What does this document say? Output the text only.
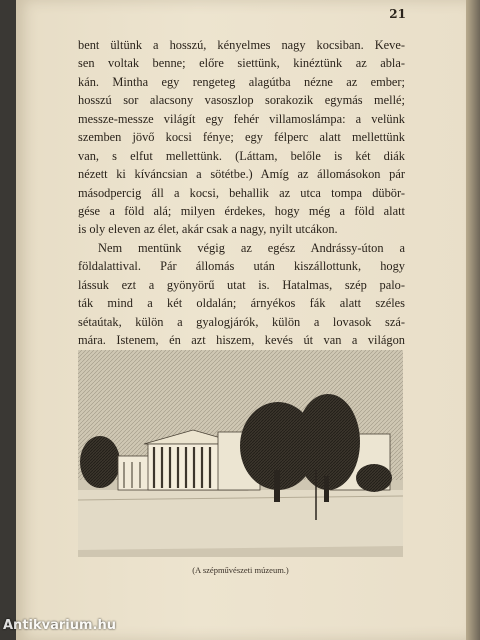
21
bent ültünk a hosszú, kényelmes nagy kocsiban. Keve-
sen voltak benne; előre siettünk, kinéztünk az abla-
kán. Mintha egy rengeteg alagútba nézne az ember;
hosszú sor alacsony vasoszlop sorakozik egymás mellé;
messze-messze világít egy fehér villamoslámpa: a velünk
szemben jövő kocsi fénye; egy félperc alatt mellettünk
van, s elfut mellettünk. (Láttam, belőle is két diák
nézett ki kíváncsian a sötétbe.) Amíg az állomásokon pár
másodpercig áll a kocsi, behallik az utca tompa dübör-
gése a föld alá; milyen érdekes, hogy még a föld alatt
is oly eleven az élet, akár csak a nagy, nyilt utcákon.
Nem mentünk végig az egész Andrássy-úton a
földalattival. Pár állomás után kiszállottunk, hogy
lássuk ezt a gyönyörű utat is. Hatalmas, szép palo-
ták mind a két oldalán; árnyékos fák alatt széles
sétaútak, külön a gyalogjárók, külön a lovasok szá-
mára. Istenem, én azt hiszem, kevés út van a világon
(A szépművészeti múzeum.)
Antikvarium.hu
